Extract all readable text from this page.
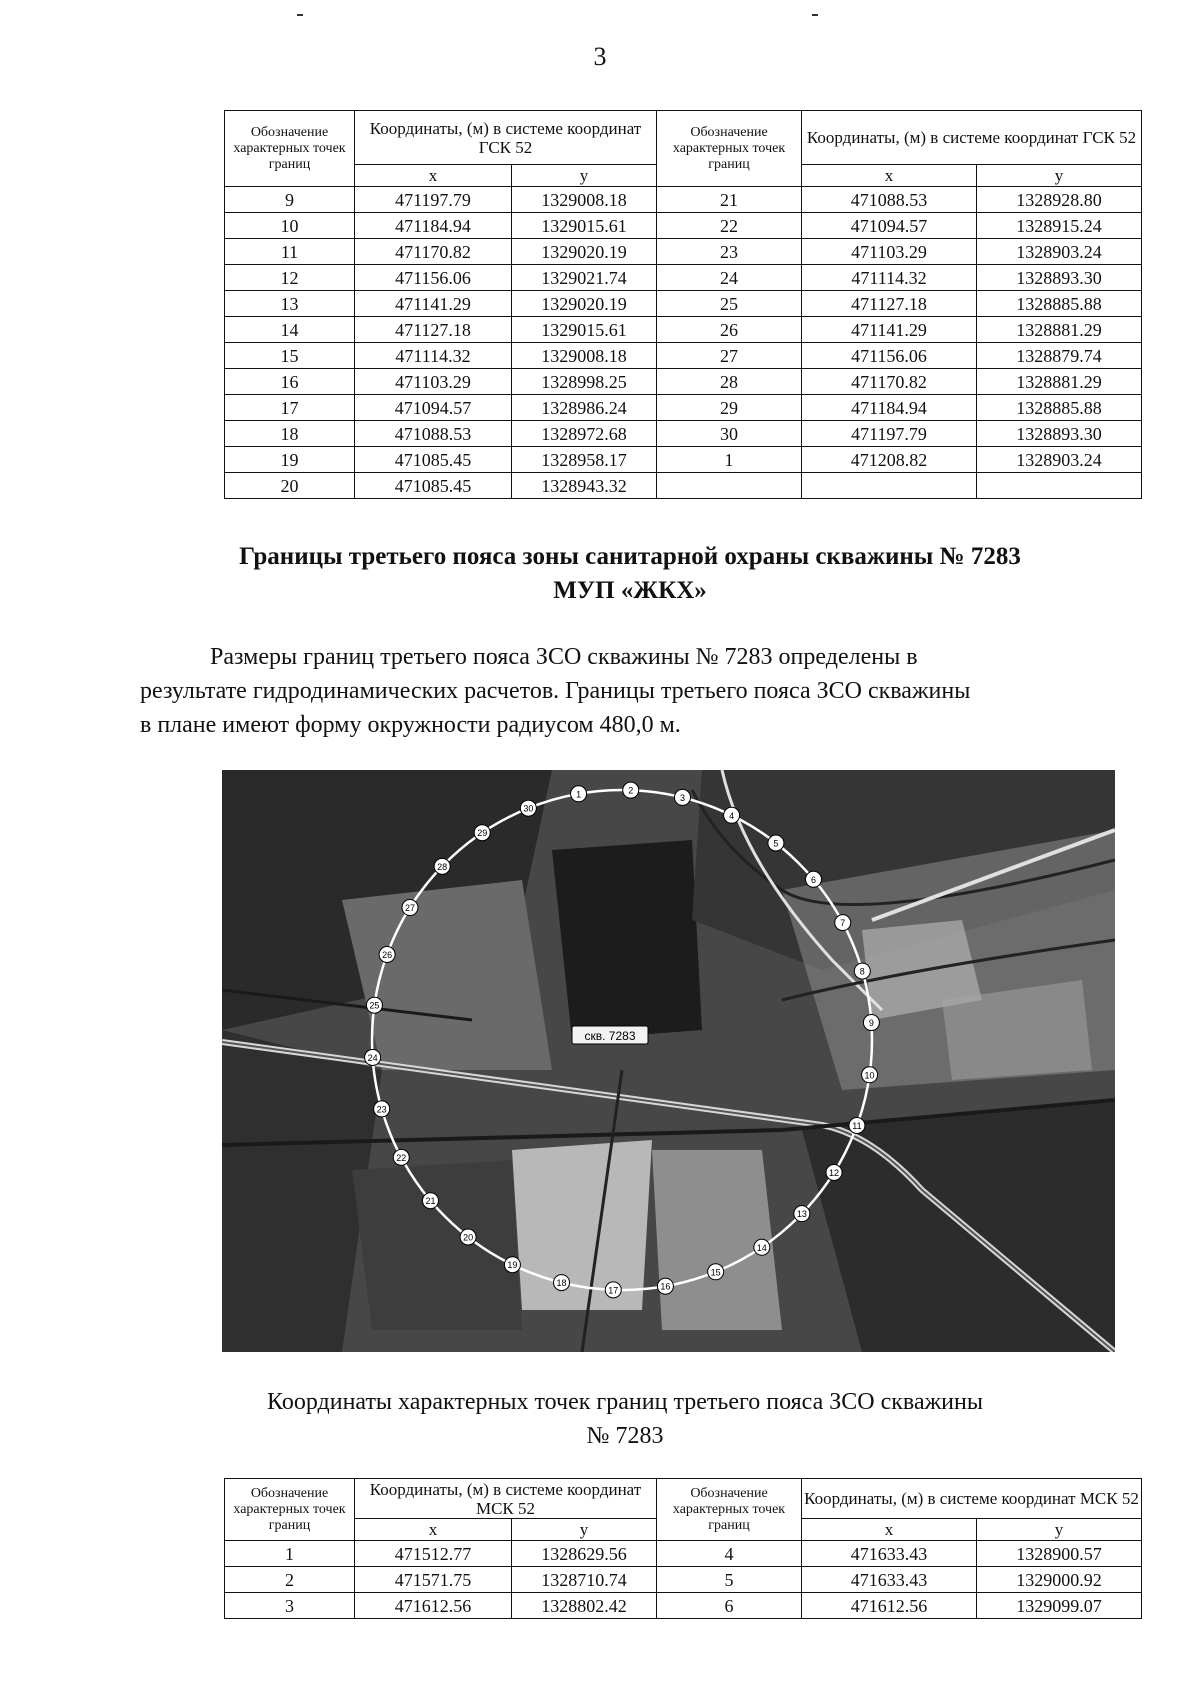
3
Обозначение характерных точек границ	Координаты, (м) в системе координат ГСК 52		Обозначение характерных точек границ	Координаты, (м) в системе координат ГСК 52	
	x	y		x	y
9	471197.79	1329008.18	21	471088.53	1328928.80
10	471184.94	1329015.61	22	471094.57	1328915.24
11	471170.82	1329020.19	23	471103.29	1328903.24
12	471156.06	1329021.74	24	471114.32	1328893.30
13	471141.29	1329020.19	25	471127.18	1328885.88
14	471127.18	1329015.61	26	471141.29	1328881.29
15	471114.32	1329008.18	27	471156.06	1328879.74
16	471103.29	1328998.25	28	471170.82	1328881.29
17	471094.57	1328986.24	29	471184.94	1328885.88
18	471088.53	1328972.68	30	471197.79	1328893.30
19	471085.45	1328958.17	1	471208.82	1328903.24
20	471085.45	1328943.32			
Границы третьего пояса зоны санитарной охраны скважины № 7283
МУП «ЖКХ»
Размеры границ третьего пояса ЗСО скважины № 7283 определены в
результате гидродинамических расчетов. Границы третьего пояса ЗСО скважины
в плане имеют форму окружности радиусом 480,0 м.
1	2
3
4
5
6
7
8
9
10
11
12
13
14
15
16
17
18
19
20
21
22
23
24
25
26
27
28
29
30
скв. 7283
Координаты характерных точек границ третьего пояса ЗСО скважины
№ 7283
Обозначение характерных точек границ	Координаты, (м) в системе координат МСК 52		Обозначение характерных точек границ	Координаты, (м) в системе координат МСК 52	
	x	y		x	y
1	471512.77	1328629.56	4	471633.43	1328900.57
2	471571.75	1328710.74	5	471633.43	1329000.92
3	471612.56	1328802.42	6	471612.56	1329099.07
